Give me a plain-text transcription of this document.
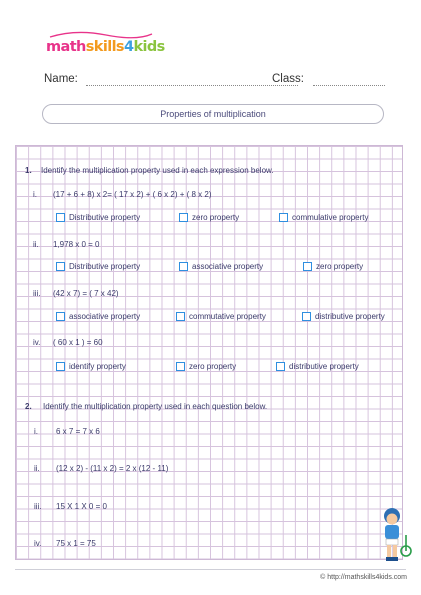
mathskills4kids
Name:	Class:
Properties of multiplication
1. Identify the multiplication property used in each expression below.
i. (17 + 6 + 8) x 2= ( 17 x 2) + ( 6 x 2) + ( 8 x 2)
Distributive property	zero property	commulative property
ii. 1,978 x 0 = 0
Distributive property	associative property	zero property
iii. (42 x 7) = ( 7 x 42)
associative property	commutative property	distributive property
iv. ( 60 x 1 ) = 60
identify property	zero property	distributive property
2. Identify the multiplication property used in each question below.
i. 6 x 7 = 7 x 6
ii. (12 x 2) - (11 x 2) = 2 x (12 - 11)
iii. 15 X 1 X 0 = 0
iv. 75 x 1 = 75
© http://mathskills4kids.com
